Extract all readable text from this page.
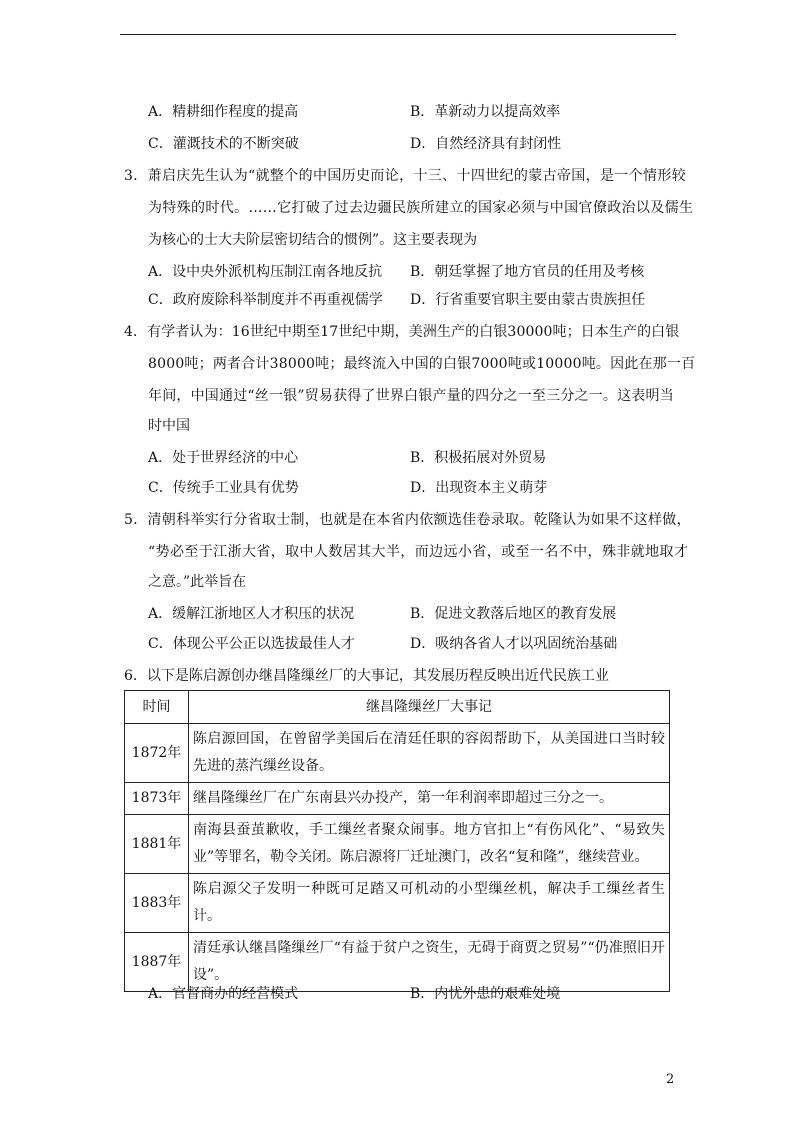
A．精耕细作程度的提高	B．革新动力以提高效率
C．灌溉技术的不断突破	D．自然经济具有封闭性
3．萧启庆先生认为“就整个的中国历史而论，十三、十四世纪的蒙古帝国，是一个情形较
为特殊的时代。……它打破了过去边疆民族所建立的国家必须与中国官僚政治以及儒生
为核心的士大夫阶层密切结合的惯例”。这主要表现为
A．设中央外派机构压制江南各地反抗 B．朝廷掌握了地方官员的任用及考核
C．政府废除科举制度并不再重视儒学 D．行省重要官职主要由蒙古贵族担任
4．有学者认为：16世纪中期至17世纪中期，美洲生产的白银30000吨；日本生产的白银
8000吨；两者合计38000吨；最终流入中国的白银7000吨或10000吨。因此在那一百
年间，中国通过“丝一银”贸易获得了世界白银产量的四分之一至三分之一。这表明当
时中国
A．处于世界经济的中心	B．积极拓展对外贸易
C．传统手工业具有优势	D．出现资本主义萌芽
5．清朝科举实行分省取士制，也就是在本省内依额选佳卷录取。乾隆认为如果不这样做，
“势必至于江浙大省，取中人数居其大半，而边远小省，或至一名不中，殊非就地取才
之意。”此举旨在
A．缓解江浙地区人才积压的状况	B．促进文教落后地区的教育发展
C．体现公平公正以选拔最佳人才	D．吸纳各省人才以巩固统治基础
6．以下是陈启源创办继昌隆缫丝厂的大事记，其发展历程反映出近代民族工业
时间	继昌隆缫丝厂大事记
1872年	陈启源回国，在曾留学美国后在清廷任职的容闳帮助下，从美国进口当时较先进的蒸汽缫丝设备。
1873年	继昌隆缫丝厂在广东南县兴办投产，第一年利润率即超过三分之一。
1881年	南海县蚕茧歉收，手工缫丝者聚众闹事。地方官扣上“有伤风化”、“易致失业”等罪名，勒令关闭。陈启源将厂迁址澳门，改名“复和隆”，继续营业。
1883年	陈启源父子发明一种既可足踏又可机动的小型缫丝机，解决手工缫丝者生计。
1887年	清廷承认继昌隆缫丝厂“有益于贫户之资生，无碍于商贾之贸易”“仍准照旧开设”。
A．官督商办的经营模式	B．内忧外患的艰难处境
2
